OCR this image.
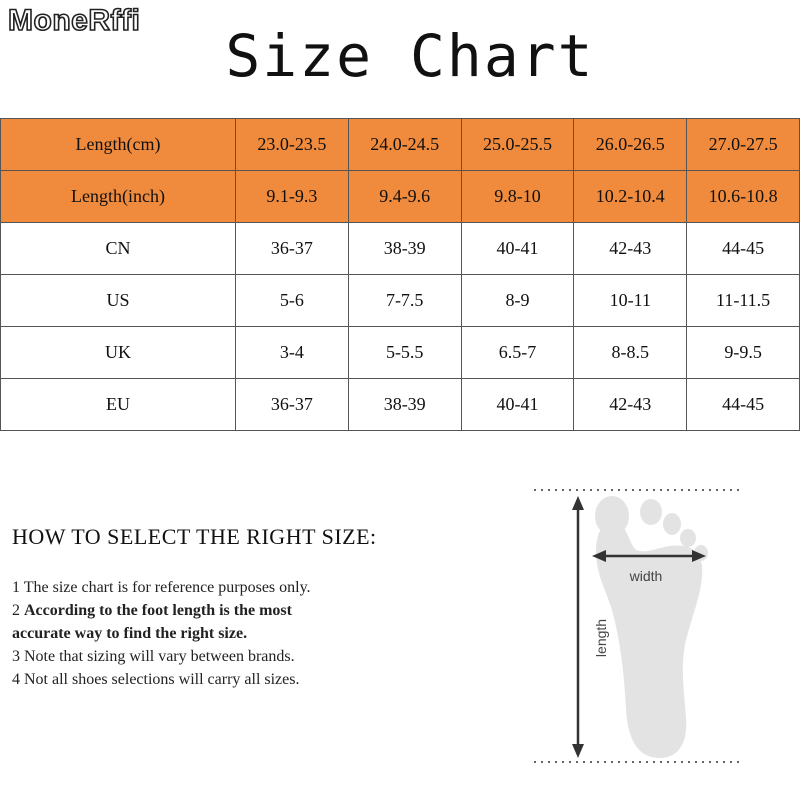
MoneRffi
Size Chart
Length(cm)	23.0-23.5	24.0-24.5	25.0-25.5	26.0-26.5	27.0-27.5
Length(inch)	9.1-9.3	9.4-9.6	9.8-10	10.2-10.4	10.6-10.8
CN	36-37	38-39	40-41	42-43	44-45
US	5-6	7-7.5	8-9	10-11	11-11.5
UK	3-4	5-5.5	6.5-7	8-8.5	9-9.5
EU	36-37	38-39	40-41	42-43	44-45
HOW TO SELECT THE RIGHT SIZE:
1 The size chart is for reference purposes only.
2 According to the foot length is the most
accurate way to find the right size.
3 Note that sizing will vary between brands.
4 Not all shoes selections will carry all sizes.
width
length
